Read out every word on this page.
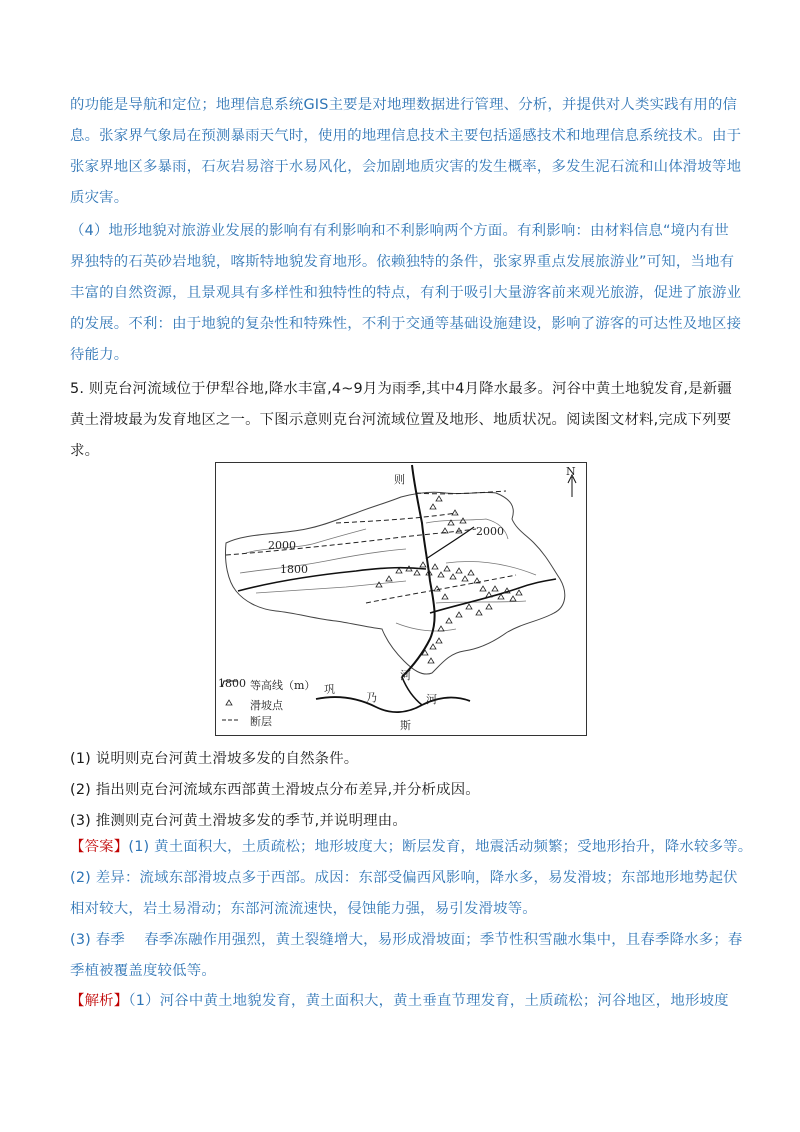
的功能是导航和定位；地理信息系统GIS主要是对地理数据进行管理、分析，并提供对人类实践有用的信
息。张家界气象局在预测暴雨天气时，使用的地理信息技术主要包括遥感技术和地理信息系统技术。由于
张家界地区多暴雨，石灰岩易溶于水易风化，会加剧地质灾害的发生概率，多发生泥石流和山体滑坡等地
质灾害。
（4）地形地貌对旅游业发展的影响有有利影响和不利影响两个方面。有利影响：由材料信息“境内有世
界独特的石英砂岩地貌，喀斯特地貌发育地形。依赖独特的条件，张家界重点发展旅游业”可知，当地有
丰富的自然资源，且景观具有多样性和独特性的特点，有利于吸引大量游客前来观光旅游，促进了旅游业
的发展。不利：由于地貌的复杂性和特殊性，不利于交通等基础设施建设，影响了游客的可达性及地区接
待能力。
5. 则克台河流域位于伊犁谷地,降水丰富,4~9月为雨季,其中4月降水最多。河谷中黄土地貌发育,是新疆
黄土滑坡最为发育地区之一。下图示意则克台河流域位置及地形、地质状况。阅读图文材料,完成下列要
求。
N
则
2000
2000
1800
河
河
巩
乃
斯
1800 等高线（m）
滑坡点
断层
(1) 说明则克台河黄土滑坡多发的自然条件。
(2) 指出则克台河流域东西部黄土滑坡点分布差异,并分析成因。
(3) 推测则克台河黄土滑坡多发的季节,并说明理由。
【答案】(1) 黄土面积大，土质疏松；地形坡度大；断层发育，地震活动频繁；受地形抬升，降水较多等。
(2) 差异：流域东部滑坡点多于西部。成因：东部受偏西风影响，降水多，易发滑坡；东部地形地势起伏
相对较大，岩土易滑动；东部河流流速快，侵蚀能力强，易引发滑坡等。
(3) 春季　 春季冻融作用强烈，黄土裂缝增大，易形成滑坡面；季节性积雪融水集中，且春季降水多；春
季植被覆盖度较低等。
【解析】（1）河谷中黄土地貌发育，黄土面积大，黄土垂直节理发育，土质疏松；河谷地区，地形坡度
